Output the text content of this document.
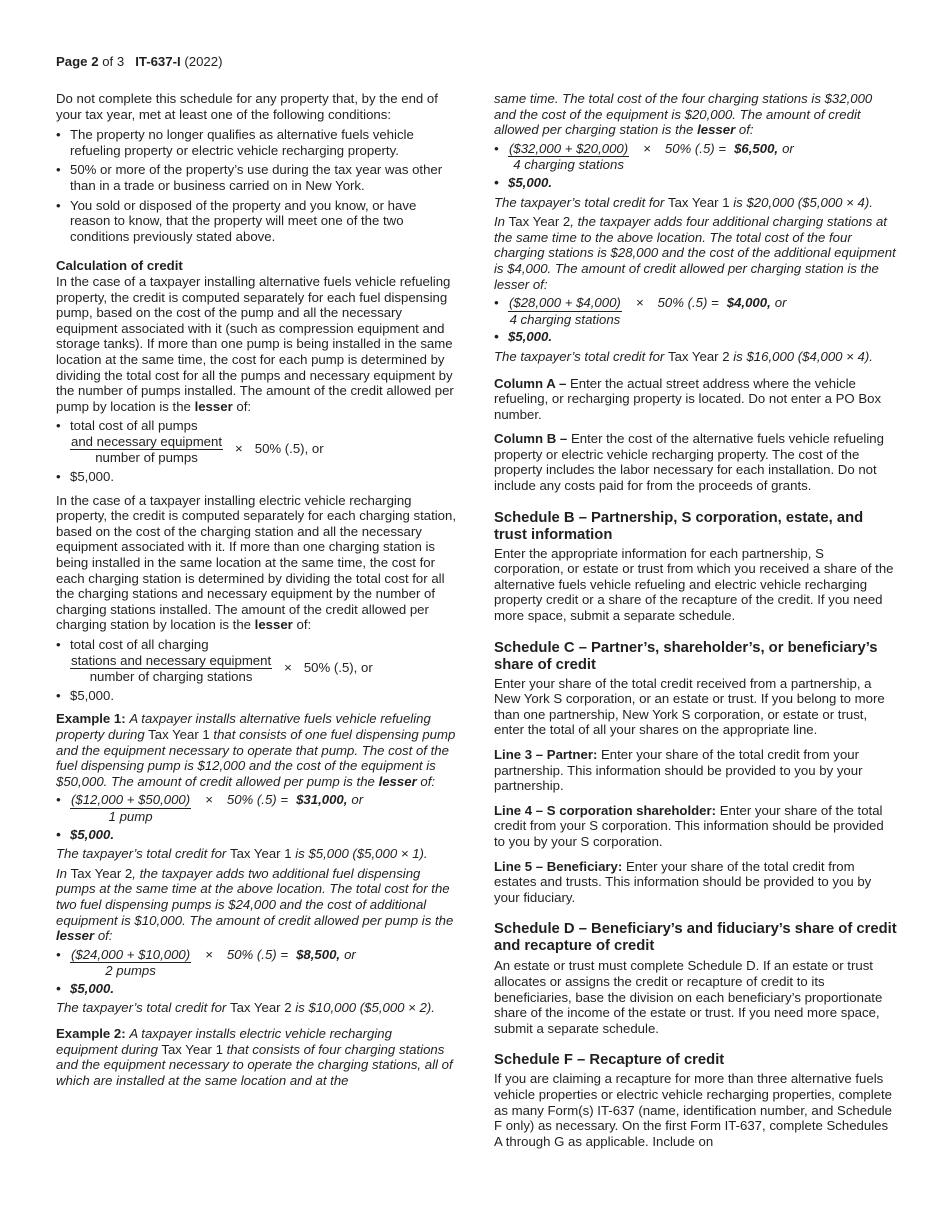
Page 2 of 3 IT-637-I (2022)

Do not complete this schedule for any property that, by the end of your tax year, met at least one of the following conditions:

• The property no longer qualifies as alternative fuels vehicle refueling property or electric vehicle recharging property.
• 50% or more of the property’s use during the tax year was other than in a trade or business carried on in New York.
• You sold or disposed of the property and you know, or have reason to know, that the property will meet one of the two conditions previously stated above.
Calculation of credit

In the case of a taxpayer installing alternative fuels vehicle refueling property, the credit is computed separately for each fuel dispensing pump, based on the cost of the pump and all the necessary equipment associated with it (such as compression equipment and storage tanks). If more than one pump is being installed in the same location at the same time, the cost for each pump is determined by dividing the total cost for all the pumps and necessary equipment by the number of pumps installed. The amount of the credit allowed per pump by location is the lesser of:

• total cost of all pumps
$\frac{\text{and necessary equipment}}{\text{number of pumps}} \times 50\%$ (.5), or
• $5,000.

In the case of a taxpayer installing electric vehicle recharging property, the credit is computed separately for each charging station, based on the cost of the charging station and all the necessary equipment associated with it. If more than one charging station is being installed in the same location at the same time, the cost for each charging station is determined by dividing the total cost for all the charging stations and necessary equipment by the number of charging stations installed. The amount of the credit allowed per charging station by location is the lesser of:

• total cost of all charging
$\frac{\text{stations and necessary equipment}}{\text{number of charging stations}} \times 50\%$ (.5), or
• $5,000.

Example 1: A taxpayer installs alternative fuels vehicle refueling property during Tax Year 1 that consists of one fuel dispensing pump and the equipment necessary to operate that pump. The cost of the fuel dispensing pump is $12,000 and the cost of the equipment is $50,000. The amount of credit allowed per pump is the lesser of:

• $\frac{(\$12,000 + \$50,000)}{\text{1 pump}} \times 50\%$ (.5) = $31,000, or
• $5,000.

The taxpayer’s total credit for Tax Year 1 is $5,000 ($5,000 × 1).

In Tax Year 2, the taxpayer adds two additional fuel dispensing pumps at the same time at the above location. The total cost for the two fuel dispensing pumps is $24,000 and the cost of additional equipment is $10,000. The amount of credit allowed per pump is the lesser of:

• $\frac{(\$24,000 + \$10,000)}{\text{2 pumps}} \times 50\%$ (.5) = $8,500, or
• $5,000.

The taxpayer’s total credit for Tax Year 2 is $10,000 ($5,000 × 2).

Example 2: A taxpayer installs electric vehicle recharging equipment during Tax Year 1 that consists of four charging stations and the equipment necessary to operate the charging stations, all of which are installed at the same location and at the

same time. The total cost of the four charging stations is $32,000 and the cost of the equipment is $20,000. The amount of credit allowed per charging station is the lesser of:

• $\frac{(\$32,000 + \$20,000)}{\text{4 charging stations}} \times 50\%$ (.5) = $6,500, or
• $5,000.

The taxpayer’s total credit for Tax Year 1 is $20,000 ($5,000 × 4).

In Tax Year 2, the taxpayer adds four additional charging stations at the same time to the above location. The total cost of the four charging stations is $28,000 and the cost of the additional equipment is $4,000. The amount of credit allowed per charging station is the lesser of:

• $\frac{(\$28,000 + \$4,000)}{\text{4 charging stations}} \times 50\%$ (.5) = $4,000, or
• $5,000.

The taxpayer’s total credit for Tax Year 2 is $16,000 ($4,000 × 4).

Column A – Enter the actual street address where the vehicle refueling, or recharging property is located. Do not enter a PO Box number.

Column B – Enter the cost of the alternative fuels vehicle refueling property or electric vehicle recharging property. The cost of the property includes the labor necessary for each installation. Do not include any costs paid for from the proceeds of grants.

Schedule B – Partnership, S corporation, estate, and trust information

Enter the appropriate information for each partnership, S corporation, or estate or trust from which you received a share of the alternative fuels vehicle refueling and electric vehicle recharging property credit or a share of the recapture of the credit. If you need more space, submit a separate schedule.

Schedule C – Partner’s, shareholder’s, or beneficiary’s share of credit

Enter your share of the total credit received from a partnership, a New York S corporation, or an estate or trust. If you belong to more than one partnership, New York S corporation, or estate or trust, enter the total of all your shares on the appropriate line.

Line 3 – Partner: Enter your share of the total credit from your partnership. This information should be provided to you by your partnership.

Line 4 – S corporation shareholder: Enter your share of the total credit from your S corporation. This information should be provided to you by your S corporation.

Line 5 – Beneficiary: Enter your share of the total credit from estates and trusts. This information should be provided to you by your fiduciary.

Schedule D – Beneficiary’s and fiduciary’s share of credit and recapture of credit

An estate or trust must complete Schedule D. If an estate or trust allocates or assigns the credit or recapture of credit to its beneficiaries, base the division on each beneficiary’s proportionate share of the income of the estate or trust. If you need more space, submit a separate schedule.

Schedule F – Recapture of credit

If you are claiming a recapture for more than three alternative fuels vehicle properties or electric vehicle recharging properties, complete as many Form(s) IT-637 (name, identification number, and Schedule F only) as necessary. On the first Form IT-637, complete Schedules A through G as applicable. Include on
